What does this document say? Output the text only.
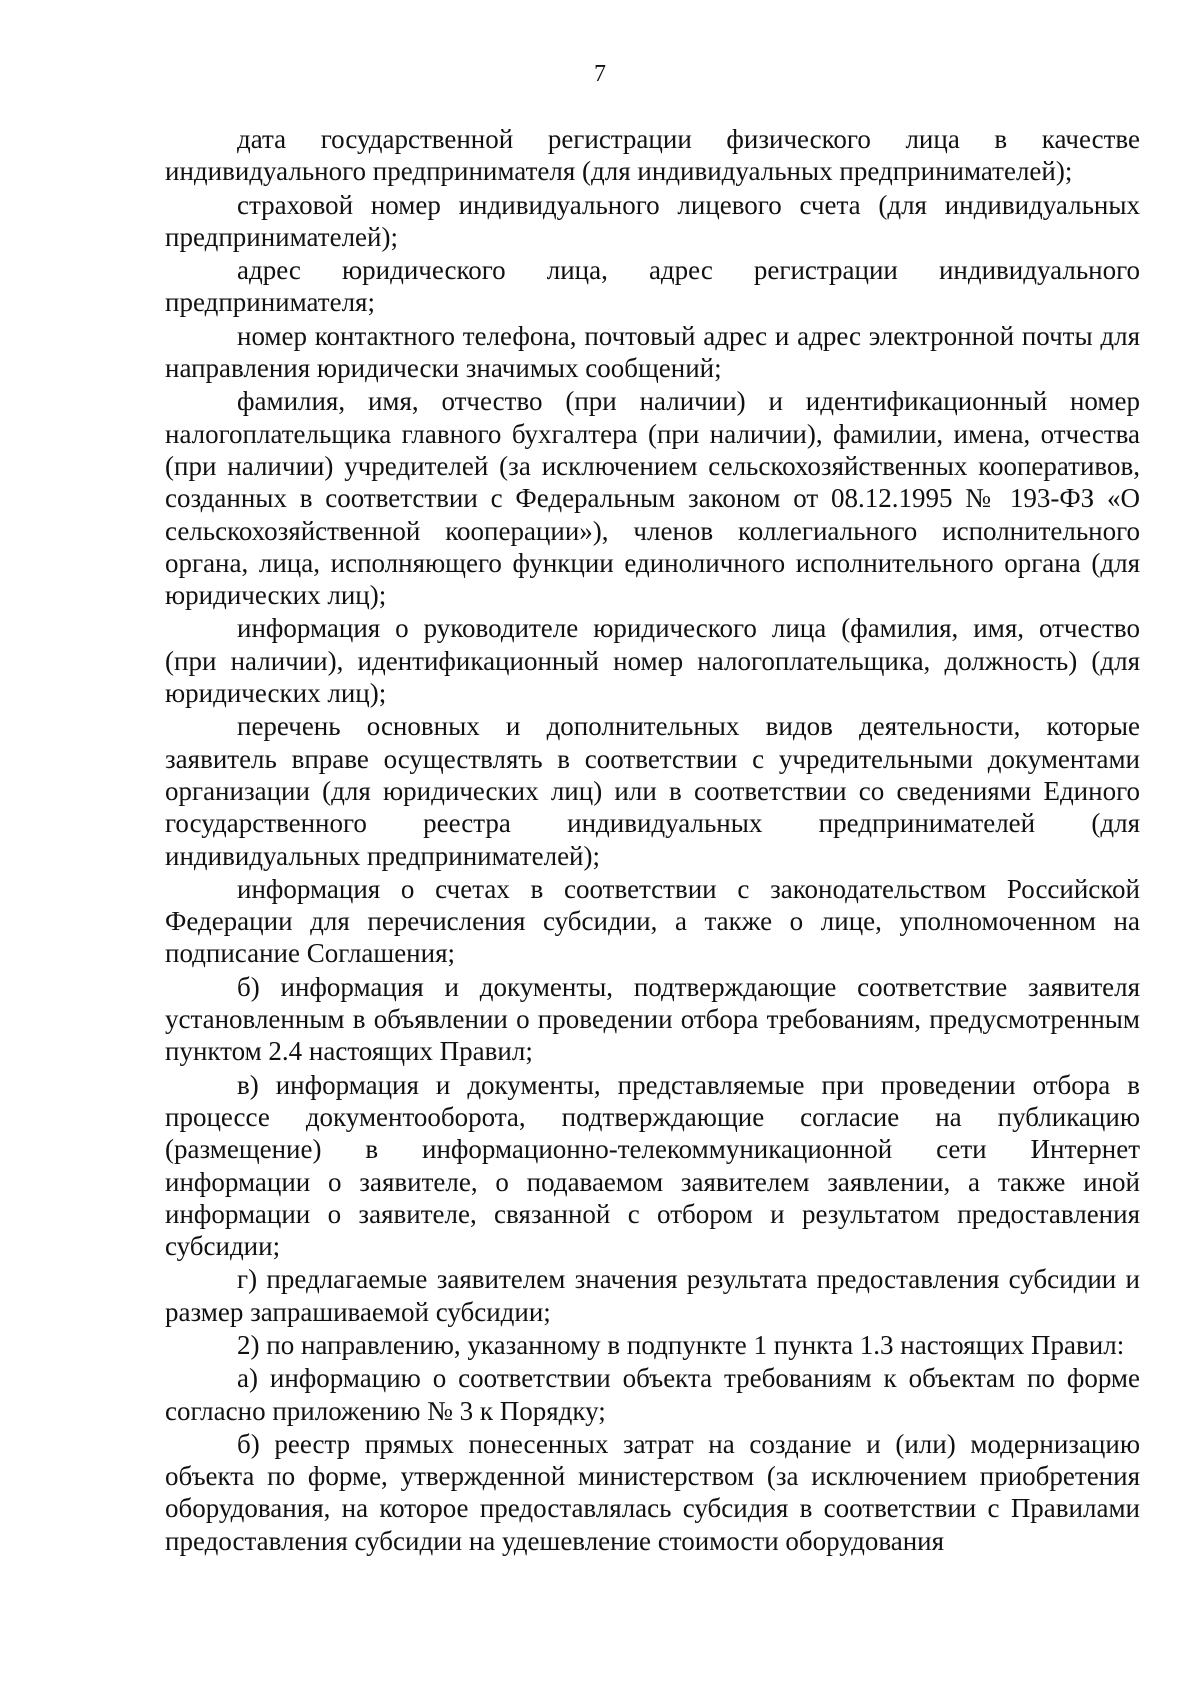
7

дата государственной регистрации физического лица в качестве индивидуального предпринимателя (для индивидуальных предпринимателей);

страховой номер индивидуального лицевого счета (для индивидуальных предпринимателей);

адрес юридического лица, адрес регистрации индивидуального предпринимателя;

номер контактного телефона, почтовый адрес и адрес электронной почты для направления юридически значимых сообщений;

фамилия, имя, отчество (при наличии) и идентификационный номер налогоплательщика главного бухгалтера (при наличии), фамилии, имена, отчества (при наличии) учредителей (за исключением сельскохозяйственных кооперативов, созданных в соответствии с Федеральным законом от 08.12.1995 № 193-ФЗ «О сельскохозяйственной кооперации»), членов коллегиального исполнительного органа, лица, исполняющего функции единоличного исполнительного органа (для юридических лиц);

информация о руководителе юридического лица (фамилия, имя, отчество (при наличии), идентификационный номер налогоплательщика, должность) (для юридических лиц);

перечень основных и дополнительных видов деятельности, которые заявитель вправе осуществлять в соответствии с учредительными документами организации (для юридических лиц) или в соответствии со сведениями Единого государственного реестра индивидуальных предпринимателей (для индивидуальных предпринимателей);

информация о счетах в соответствии с законодательством Российской Федерации для перечисления субсидии, а также о лице, уполномоченном на подписание Соглашения;

б) информация и документы, подтверждающие соответствие заявителя установленным в объявлении о проведении отбора требованиям, предусмотренным пунктом 2.4 настоящих Правил;

в) информация и документы, представляемые при проведении отбора в процессе документооборота, подтверждающие согласие на публикацию (размещение) в информационно-телекоммуникационной сети Интернет информации о заявителе, о подаваемом заявителем заявлении, а также иной информации о заявителе, связанной с отбором и результатом предоставления субсидии;

г) предлагаемые заявителем значения результата предоставления субсидии и размер запрашиваемой субсидии;

2) по направлению, указанному в подпункте 1 пункта 1.3 настоящих Правил:

а) информацию о соответствии объекта требованиям к объектам по форме согласно приложению № 3 к Порядку;

б) реестр прямых понесенных затрат на создание и (или) модернизацию объекта по форме, утвержденной министерством (за исключением приобретения оборудования, на которое предоставлялась субсидия в соответствии с Правилами предоставления субсидии на удешевление стоимости оборудования
